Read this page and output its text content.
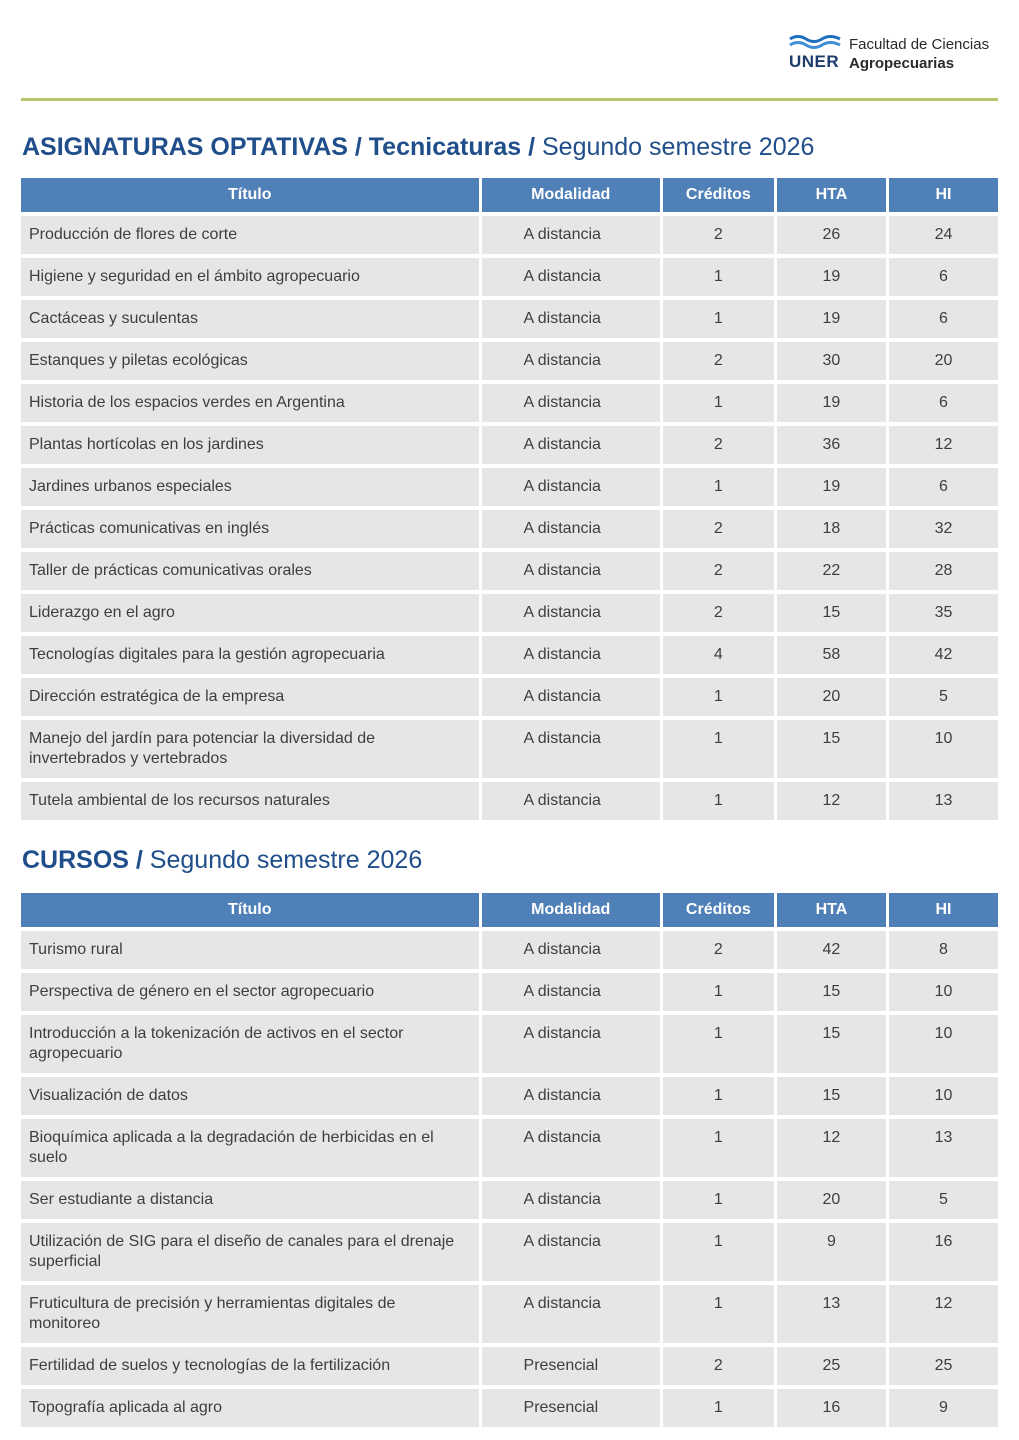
UNER
Facultad de Ciencias
Agropecuarias
ASIGNATURAS OPTATIVAS / Tecnicaturas / Segundo semestre 2026
Título	Modalidad	Créditos	HTA	HI
Producción de flores de corte	A distancia	2	26	24
Higiene y seguridad en el ámbito agropecuario	A distancia	1	19	6
Cactáceas y suculentas	A distancia	1	19	6
Estanques y piletas ecológicas	A distancia	2	30	20
Historia de los espacios verdes en Argentina	A distancia	1	19	6
Plantas hortícolas en los jardines	A distancia	2	36	12
Jardines urbanos especiales	A distancia	1	19	6
Prácticas comunicativas en inglés	A distancia	2	18	32
Taller de prácticas comunicativas orales	A distancia	2	22	28
Liderazgo en el agro	A distancia	2	15	35
Tecnologías digitales para la gestión agropecuaria	A distancia	4	58	42
Dirección estratégica de la empresa	A distancia	1	20	5
Manejo del jardín para potenciar la diversidad de invertebrados y vertebrados	A distancia	1	15	10
Tutela ambiental de los recursos naturales	A distancia	1	12	13
CURSOS / Segundo semestre 2026
Título	Modalidad	Créditos	HTA	HI
Turismo rural	A distancia	2	42	8
Perspectiva de género en el sector agropecuario	A distancia	1	15	10
Introducción a la tokenización de activos en el sector agropecuario	A distancia	1	15	10
Visualización de datos	A distancia	1	15	10
Bioquímica aplicada a la degradación de herbicidas en el suelo	A distancia	1	12	13
Ser estudiante a distancia	A distancia	1	20	5
Utilización de SIG para el diseño de canales para el drenaje superficial	A distancia	1	9	16
Fruticultura de precisión y herramientas digitales de monitoreo	A distancia	1	13	12
Fertilidad de suelos y tecnologías de la fertilización	Presencial	2	25	25
Topografía aplicada al agro	Presencial	1	16	9
